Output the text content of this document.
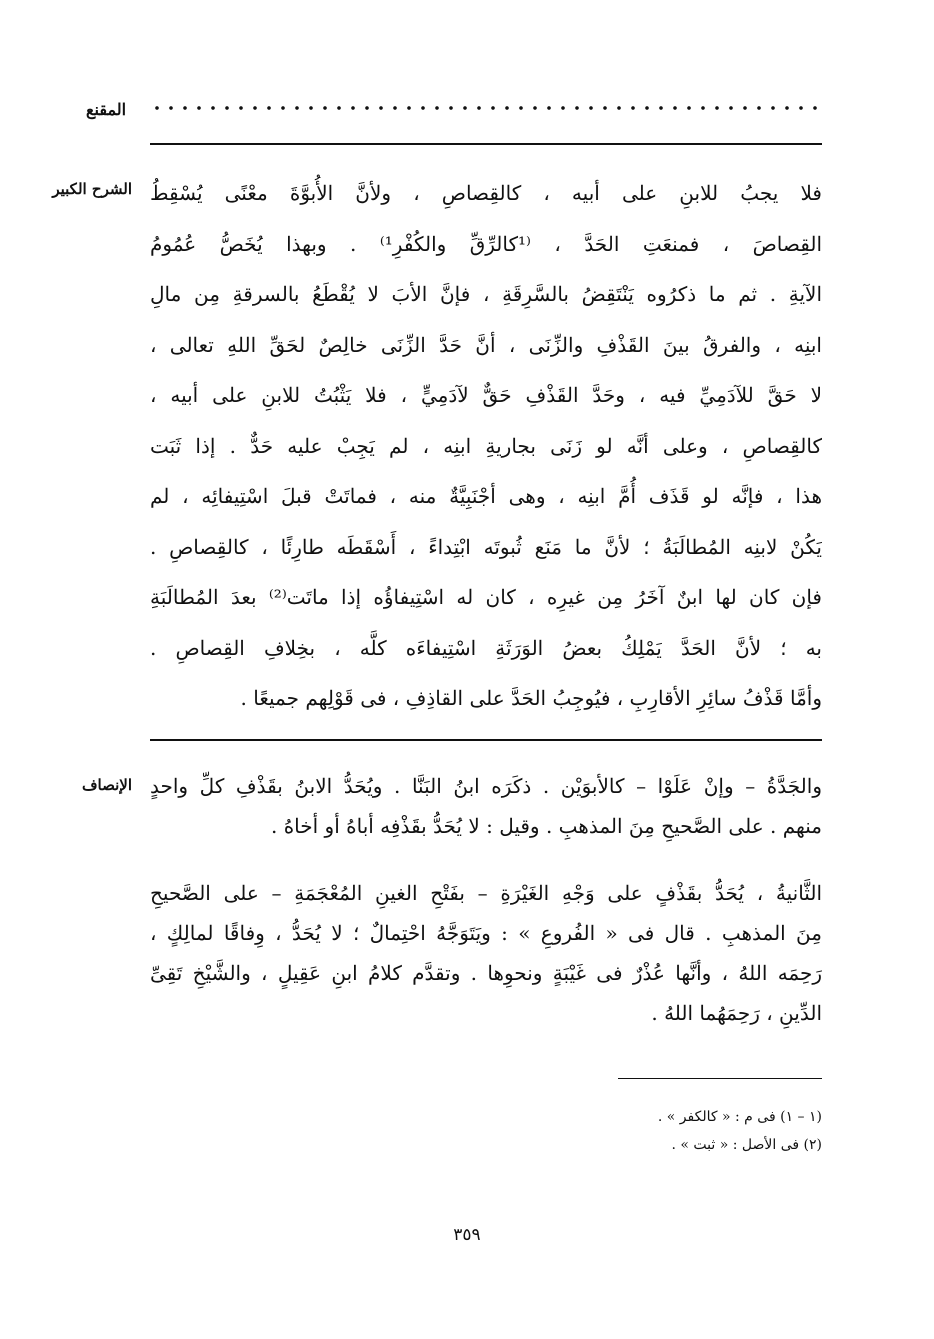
المقنع
الشرح الكبير فلا يجبُ للابنِ على أبيه ، كالقِصاصِ ، ولأنَّ الأُبوَّةَ معْنًى يُسْقِطُ
القِصاصَ ، فمنعَتِ الحَدَّ ، ⁽¹كالرِّقِّ والكُفْرِ¹⁾ . وبهذا يُخَصُّ عُمُومُ
الآيةِ . ثم ما ذكرُوه يَنْتَقِضُ بالسَّرِقَةِ ، فإنَّ الأبَ لا يُقْطَعُ بالسرقةِ مِن مالِ
ابنِه ، والفرقُ بينَ القَذْفِ والزِّنَى ، أنَّ حَدَّ الزِّنَى خالِصٌ لحَقِّ اللهِ تعالى ،
لا حَقَّ للآدَمِيِّ فيه ، وحَدَّ القَذْفِ حَقٌّ لآدَمِيٍّ ، فلا يَثْبُتُ للابنِ على أبيه ،
كالقِصاصِ ، وعلى أنَّه لو زَنَى بجاريةِ ابنِه ، لم يَجِبْ عليه حَدٌّ . إذا ثَبَت
هذا ، فإنَّه لو قَذَف أُمَّ ابنِه ، وهى أجْنَبِيَّةٌ منه ، فماتَتْ قبلَ اسْتِيفائِه ، لم
يَكُنْ لابنِه المُطالَبَةُ ؛ لأنَّ ما مَنَع ثُبوتَه ابْتِداءً ، أَسْقَطَه طارِئًا ، كالقِصاصِ .
فإن كان لها ابنٌ آخَرُ مِن غيرِه ، كان له اسْتِيفاؤُه إذا ماتَت⁽²⁾ بعدَ المُطالَبَةِ
به ؛ لأنَّ الحَدَّ يَمْلِكُ بعضُ الوَرَثَةِ اسْتِيفاءَه كلَّه ، بخِلافِ القِصاصِ .
وأمَّا قَذْفُ سائِرِ الأقارِبِ ، فيُوجِبُ الحَدَّ على القاذِفِ ، فى قَوْلِهم جميعًا .
الإنصاف والجَدَّةُ – وإنْ عَلَوْا – كالأبوَيْن . ذكَرَه ابنُ البَنَّا . ويُحَدُّ الابنُ بقَذْفِ كلِّ واحدٍ
منهم . على الصَّحيحِ مِنَ المذهبِ . وقيل : لا يُحَدُّ بقَذْفِه أباهُ أو أخاهُ .
الثَّانيةُ ، يُحَدُّ بقَذْفٍ على وَجْهِ الغَيْرَةِ – بفَتْحِ الغينِ المُعْجَمَةِ – على الصَّحيحِ
مِنَ المذهبِ . قال فى « الفُروعِ » : ويَتَوَجَّهُ احْتِمالٌ ؛ لا يُحَدُّ ، وِفاقًا لمالِكٍ ،
رَحِمَه اللهُ ، وأنَّها عُذْرٌ فى غَيْبَةٍ ونحوِها . وتقدَّم كلامُ ابنِ عَقِيلٍ ، والشَّيْخِ تَقِىِّ
الدِّينِ ، رَحِمَهُما اللهُ .
(١ – ١) فى م : « كالكفر » .
(٢) فى الأصل : « ثبت » .
٣٥٩
